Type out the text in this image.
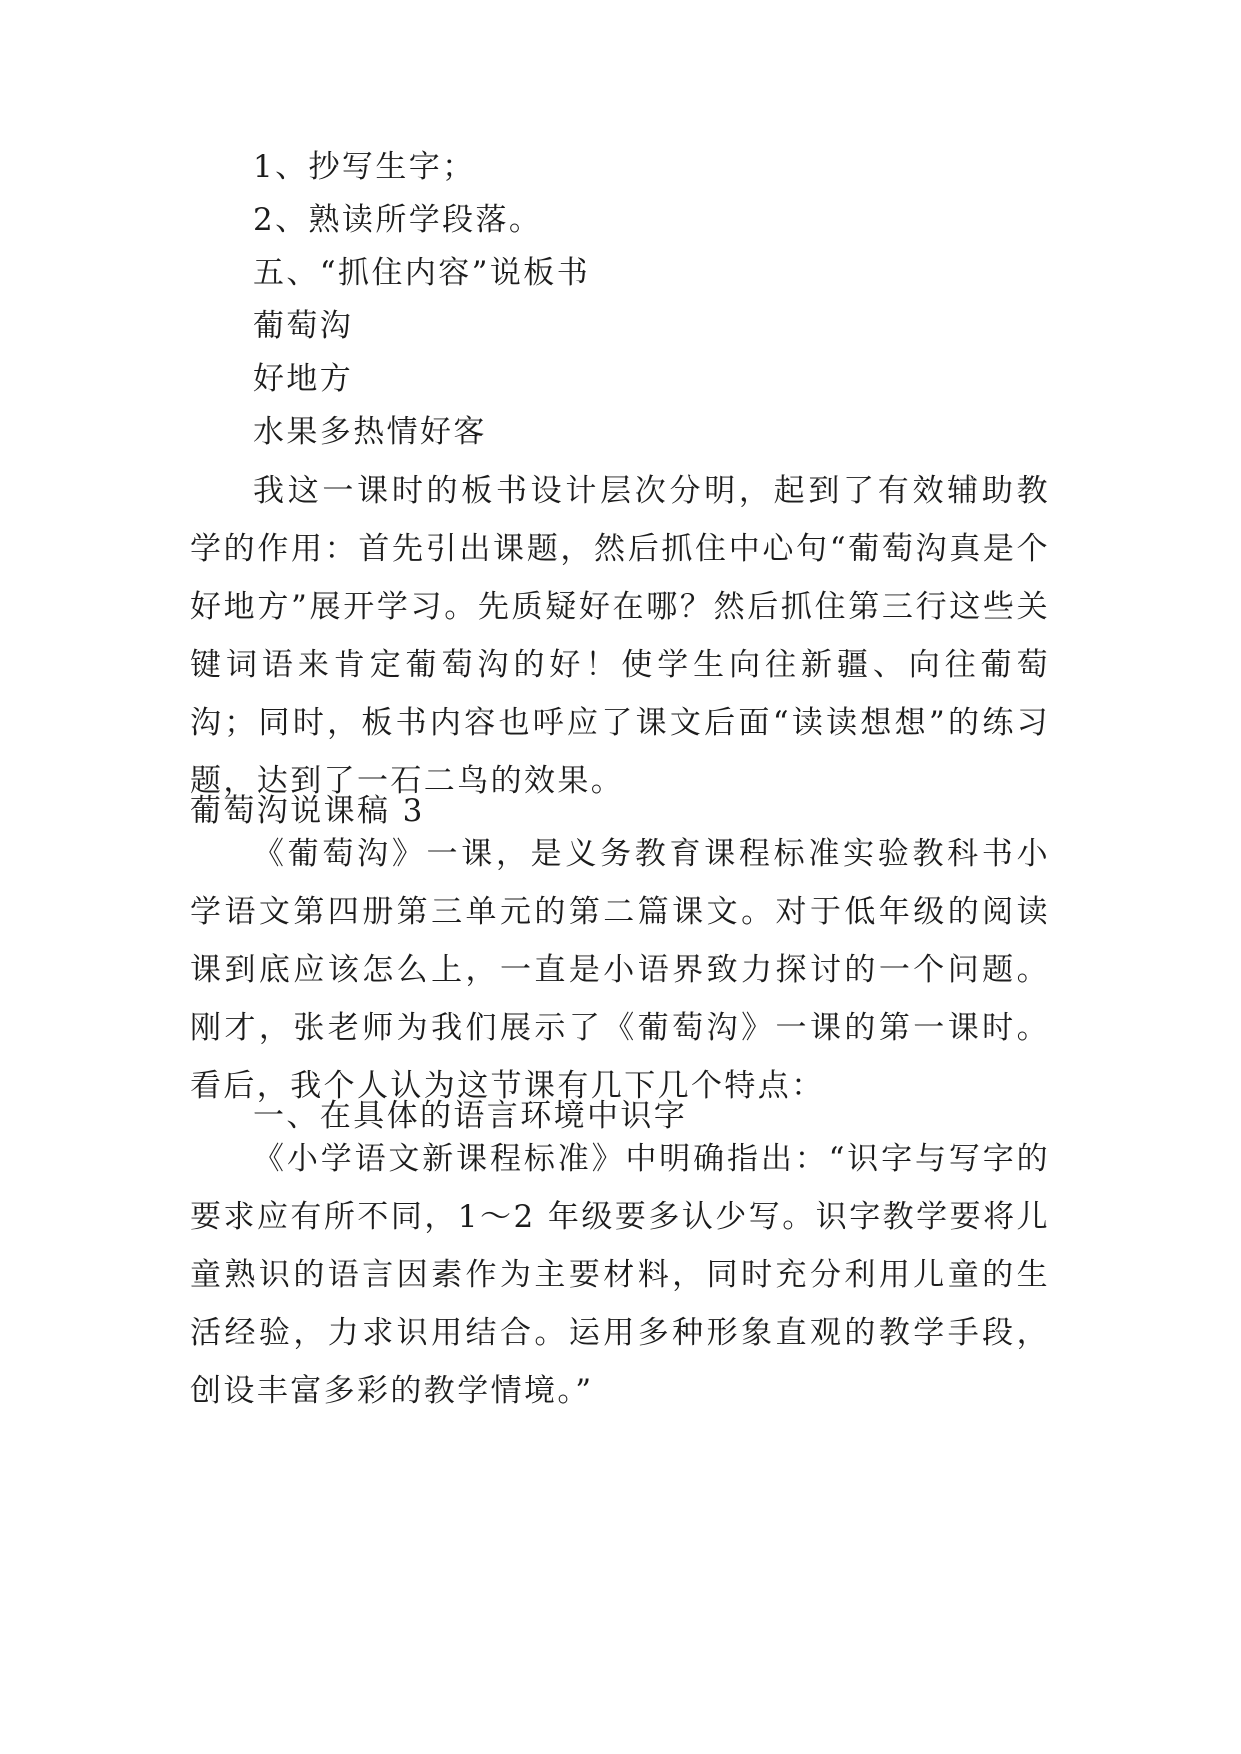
1、抄写生字；
2、熟读所学段落。
五、“抓住内容”说板书
葡萄沟
好地方
水果多热情好客
我这一课时的板书设计层次分明，起到了有效辅助教学的作用：首先引出课题，然后抓住中心句“葡萄沟真是个好地方”展开学习。先质疑好在哪？然后抓住第三行这些关键词语来肯定葡萄沟的好！使学生向往新疆、向往葡萄沟；同时，板书内容也呼应了课文后面“读读想想”的练习题，达到了一石二鸟的效果。
葡萄沟说课稿 3
《葡萄沟》一课，是义务教育课程标准实验教科书小学语文第四册第三单元的第二篇课文。对于低年级的阅读课到底应该怎么上，一直是小语界致力探讨的一个问题。刚才，张老师为我们展示了《葡萄沟》一课的第一课时。看后，我个人认为这节课有几下几个特点：
一、在具体的语言环境中识字
《小学语文新课程标准》中明确指出：“识字与写字的要求应有所不同，1～2 年级要多认少写。识字教学要将儿童熟识的语言因素作为主要材料，同时充分利用儿童的生活经验，力求识用结合。运用多种形象直观的教学手段，创设丰富多彩的教学情境。”
